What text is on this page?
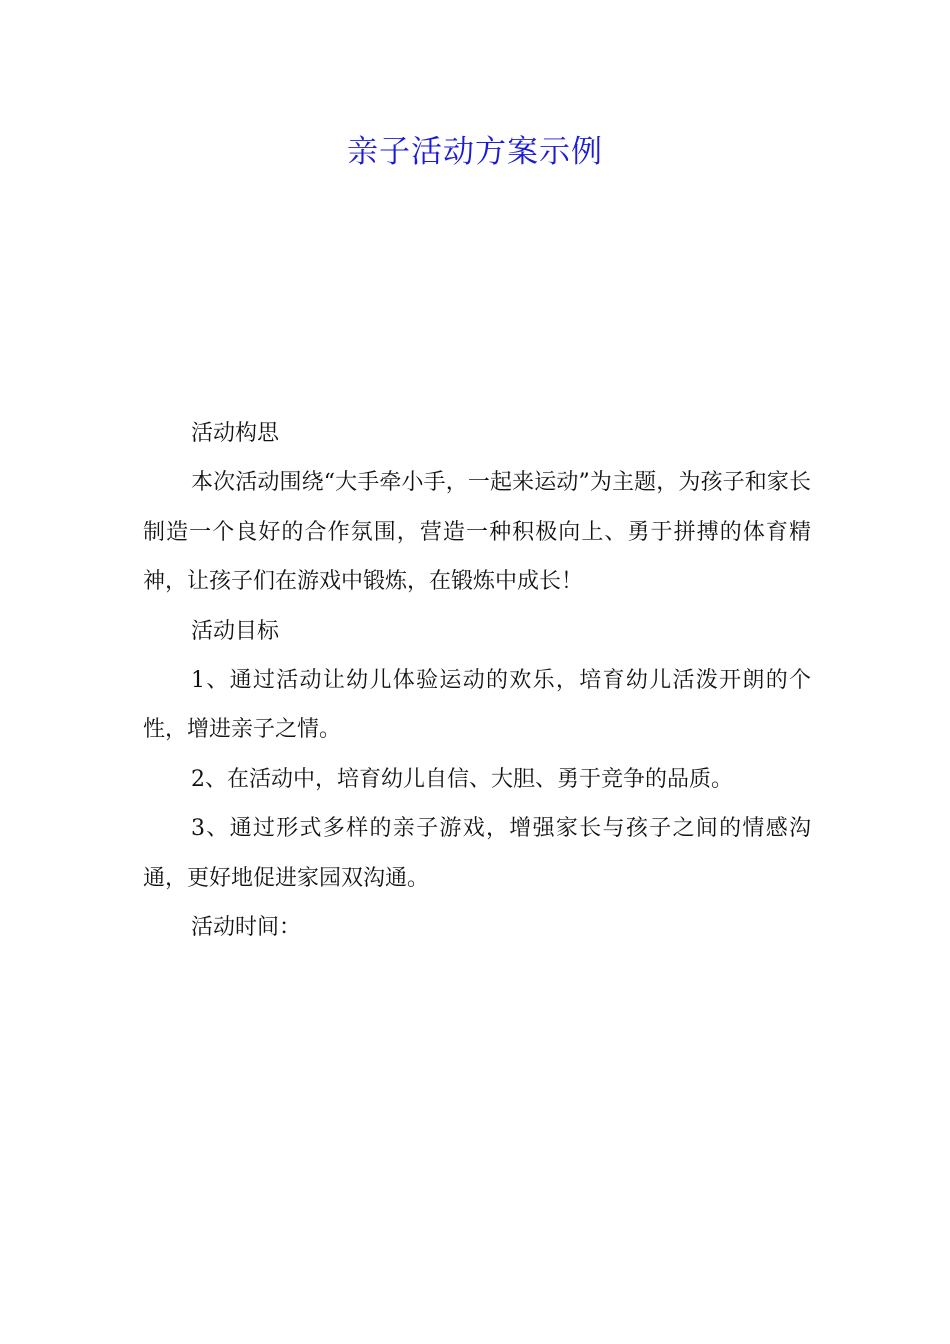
亲子活动方案示例

活动构思

本次活动围绕“大手牵小手，一起来运动”为主题，为孩子和家长制造一个良好的合作氛围，营造一种积极向上、勇于拼搏的体育精神，让孩子们在游戏中锻炼，在锻炼中成长！

活动目标

1、通过活动让幼儿体验运动的欢乐，培育幼儿活泼开朗的个性，增进亲子之情。

2、在活动中，培育幼儿自信、大胆、勇于竞争的品质。

3、通过形式多样的亲子游戏，增强家长与孩子之间的情感沟通，更好地促进家园双沟通。

活动时间：
